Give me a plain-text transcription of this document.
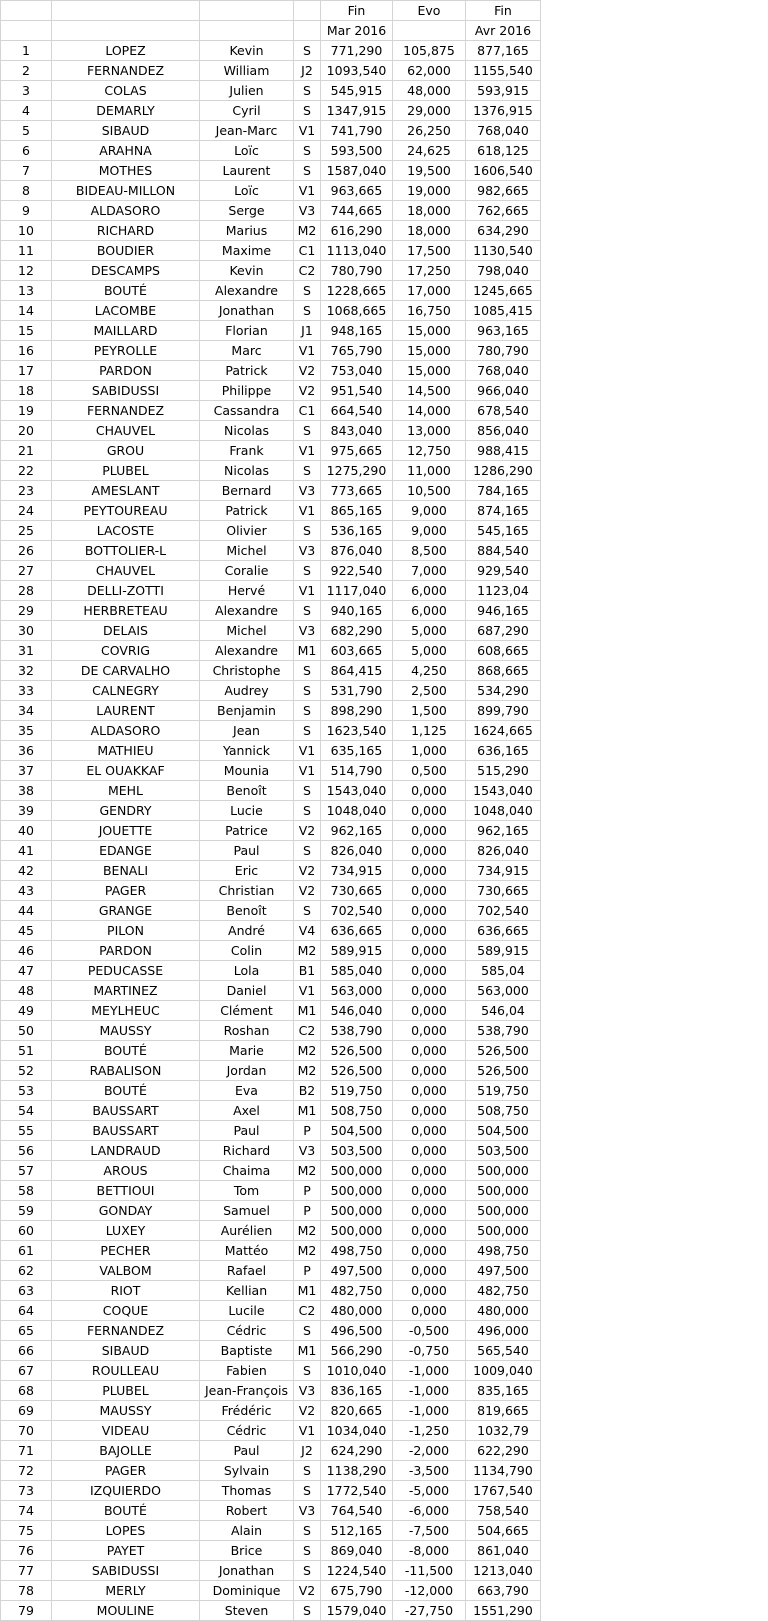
				Fin	Evo	Fin
				Mar 2016		Avr 2016
1	LOPEZ	Kevin	S	771,290	105,875	877,165
2	FERNANDEZ	William	J2	1093,540	62,000	1155,540
3	COLAS	Julien	S	545,915	48,000	593,915
4	DEMARLY	Cyril	S	1347,915	29,000	1376,915
5	SIBAUD	Jean-Marc	V1	741,790	26,250	768,040
6	ARAHNA	Loïc	S	593,500	24,625	618,125
7	MOTHES	Laurent	S	1587,040	19,500	1606,540
8	BIDEAU-MILLON	Loïc	V1	963,665	19,000	982,665
9	ALDASORO	Serge	V3	744,665	18,000	762,665
10	RICHARD	Marius	M2	616,290	18,000	634,290
11	BOUDIER	Maxime	C1	1113,040	17,500	1130,540
12	DESCAMPS	Kevin	C2	780,790	17,250	798,040
13	BOUTÉ	Alexandre	S	1228,665	17,000	1245,665
14	LACOMBE	Jonathan	S	1068,665	16,750	1085,415
15	MAILLARD	Florian	J1	948,165	15,000	963,165
16	PEYROLLE	Marc	V1	765,790	15,000	780,790
17	PARDON	Patrick	V2	753,040	15,000	768,040
18	SABIDUSSI	Philippe	V2	951,540	14,500	966,040
19	FERNANDEZ	Cassandra	C1	664,540	14,000	678,540
20	CHAUVEL	Nicolas	S	843,040	13,000	856,040
21	GROU	Frank	V1	975,665	12,750	988,415
22	PLUBEL	Nicolas	S	1275,290	11,000	1286,290
23	AMESLANT	Bernard	V3	773,665	10,500	784,165
24	PEYTOUREAU	Patrick	V1	865,165	9,000	874,165
25	LACOSTE	Olivier	S	536,165	9,000	545,165
26	BOTTOLIER-L	Michel	V3	876,040	8,500	884,540
27	CHAUVEL	Coralie	S	922,540	7,000	929,540
28	DELLI-ZOTTI	Hervé	V1	1117,040	6,000	1123,04
29	HERBRETEAU	Alexandre	S	940,165	6,000	946,165
30	DELAIS	Michel	V3	682,290	5,000	687,290
31	COVRIG	Alexandre	M1	603,665	5,000	608,665
32	DE CARVALHO	Christophe	S	864,415	4,250	868,665
33	CALNEGRY	Audrey	S	531,790	2,500	534,290
34	LAURENT	Benjamin	S	898,290	1,500	899,790
35	ALDASORO	Jean	S	1623,540	1,125	1624,665
36	MATHIEU	Yannick	V1	635,165	1,000	636,165
37	EL OUAKKAF	Mounia	V1	514,790	0,500	515,290
38	MEHL	Benoît	S	1543,040	0,000	1543,040
39	GENDRY	Lucie	S	1048,040	0,000	1048,040
40	JOUETTE	Patrice	V2	962,165	0,000	962,165
41	EDANGE	Paul	S	826,040	0,000	826,040
42	BENALI	Eric	V2	734,915	0,000	734,915
43	PAGER	Christian	V2	730,665	0,000	730,665
44	GRANGE	Benoît	S	702,540	0,000	702,540
45	PILON	André	V4	636,665	0,000	636,665
46	PARDON	Colin	M2	589,915	0,000	589,915
47	PEDUCASSE	Lola	B1	585,040	0,000	585,04
48	MARTINEZ	Daniel	V1	563,000	0,000	563,000
49	MEYLHEUC	Clément	M1	546,040	0,000	546,04
50	MAUSSY	Roshan	C2	538,790	0,000	538,790
51	BOUTÉ	Marie	M2	526,500	0,000	526,500
52	RABALISON	Jordan	M2	526,500	0,000	526,500
53	BOUTÉ	Eva	B2	519,750	0,000	519,750
54	BAUSSART	Axel	M1	508,750	0,000	508,750
55	BAUSSART	Paul	P	504,500	0,000	504,500
56	LANDRAUD	Richard	V3	503,500	0,000	503,500
57	AROUS	Chaima	M2	500,000	0,000	500,000
58	BETTIOUI	Tom	P	500,000	0,000	500,000
59	GONDAY	Samuel	P	500,000	0,000	500,000
60	LUXEY	Aurélien	M2	500,000	0,000	500,000
61	PECHER	Mattéo	M2	498,750	0,000	498,750
62	VALBOM	Rafael	P	497,500	0,000	497,500
63	RIOT	Kellian	M1	482,750	0,000	482,750
64	COQUE	Lucile	C2	480,000	0,000	480,000
65	FERNANDEZ	Cédric	S	496,500	-0,500	496,000
66	SIBAUD	Baptiste	M1	566,290	-0,750	565,540
67	ROULLEAU	Fabien	S	1010,040	-1,000	1009,040
68	PLUBEL	Jean-François	V3	836,165	-1,000	835,165
69	MAUSSY	Frédéric	V2	820,665	-1,000	819,665
70	VIDEAU	Cédric	V1	1034,040	-1,250	1032,79
71	BAJOLLE	Paul	J2	624,290	-2,000	622,290
72	PAGER	Sylvain	S	1138,290	-3,500	1134,790
73	IZQUIERDO	Thomas	S	1772,540	-5,000	1767,540
74	BOUTÉ	Robert	V3	764,540	-6,000	758,540
75	LOPES	Alain	S	512,165	-7,500	504,665
76	PAYET	Brice	S	869,040	-8,000	861,040
77	SABIDUSSI	Jonathan	S	1224,540	-11,500	1213,040
78	MERLY	Dominique	V2	675,790	-12,000	663,790
79	MOULINE	Steven	S	1579,040	-27,750	1551,290
